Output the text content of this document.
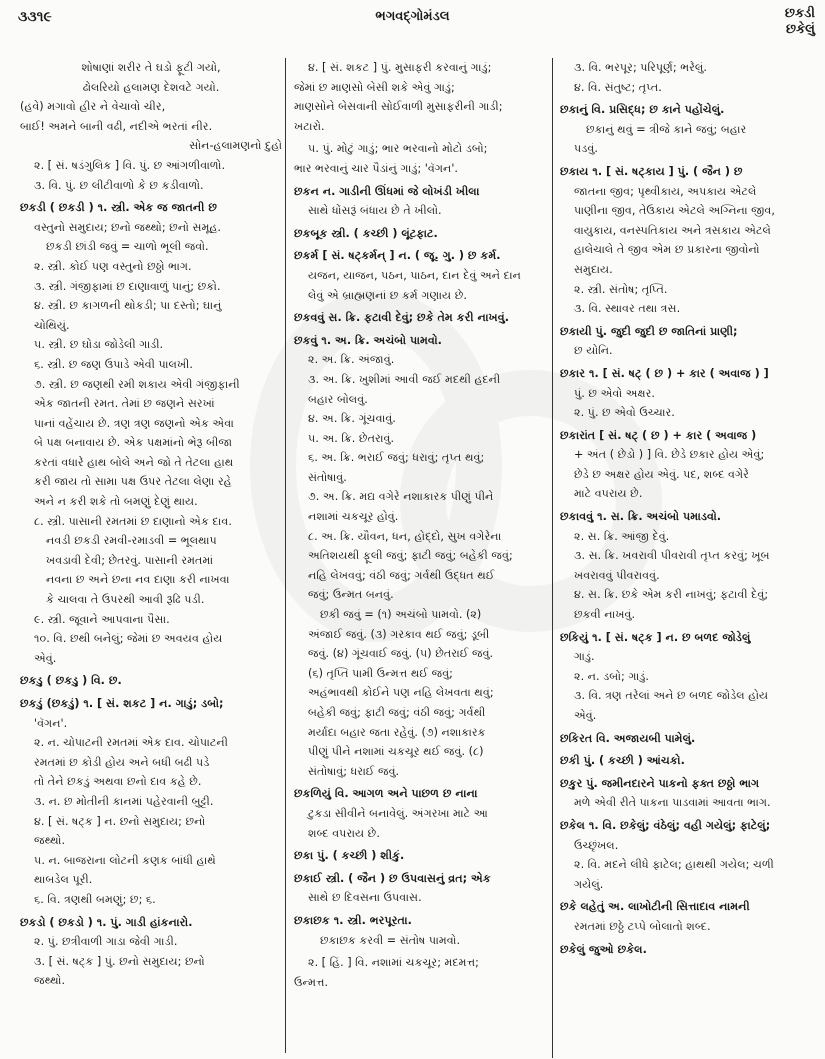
૩૩૧૯	ભગવદ્ગોમંડલ	છકડી
છકેલું
શોષાણાં શરીર તે ઘડો ફૂટી ગયો,
ઢોલરિયો હલામણ દેશવટે ગયો.
(હવે) મગાવો હીર ને વેચાવો ચીર,
બાઈ! અમને બાની વઢી, નદીએ ભરતાં નીર.
સોન-હલામણનો દુહો
૨. [ સં. ષડંગુલિક ] વિ. પું. છ આંગળીવાળો.
૩. વિ. પું. છ લીટીવાળો કે છ કડીવાળો.
છકડી ( છકડી ) ૧. સ્ત્રી. એક જ જાતની છ
વસ્તુનો સમુદાય; છનો જથ્થો; છનો સમૂહ.
છકડી છાંડી જવું = ચાળો ભૂલી જવો.
૨. સ્ત્રી. કોઈ પણ વસ્તુનો છઠ્ઠો ભાગ.
૩. સ્ત્રી. ગંજીફામાં છ દાણાવાળું પાનું; છકો.
૪. સ્ત્રી. છ કાગળની થોકડી; પા દસ્તો; ઘાનું
ચોથિયું.
૫. સ્ત્રી. છ ઘોડા જોડેલી ગાડી.
૬. સ્ત્રી. છ જણ ઉપાડે એવી પાલખી.
૭. સ્ત્રી. છ જણથી રમી શકાય એવી ગંજીફાની
એક જાતની રમત. તેમાં છ જણને સરખાં
પાનાં વહેંચાય છે. ત્રણ ત્રણ જણનો એક એવા
બે પક્ષ બનાવાય છે. એક પક્ષમાંનો ભેરૂ બીજા
કરતાં વધારે હાથ બોલે અને જો તે તેટલા હાથ
કરી જાય તો સામા પક્ષ ઉપર તેટલા લેણા રહે
અને ન કરી શકે તો બમણું દેણું થાય.
૮. સ્ત્રી. પાસાની રમતમાં છ દાણાનો એક દાવ.
નવડી છકડી રમવી-રમાડવી = ભૂલથાપ
ખવડાવી દેવી; છેતરવું. પાસાની રમતમાં
નવના છ અને છના નવ દાણા કરી નાખવા
કે ચાલવા તે ઉપરથી આવી રૂઢિ પડી.
૯. સ્ત્રી. જૂવાને આપવાના પૈસા.
૧૦. વિ. છથી બનેલું; જેમાં છ અવયવ હોય
એવું.
છકડુ ( છકડુ ) વિ. છ.
છકડું (છકડું) ૧. [ સં. શકટ ] ન. ગાડું; ડબો;
'વૅગન'.
૨. ન. ચોપાટની રમતમાં એક દાવ. ચોપાટની
રમતમાં છ કોડી હોય અને બધી બઢી પડે
તો તેને છકડું અથવા છનો દાવ કહે છે.
૩. ન. છ મોતીની કાનમાં પહેરવાની બુટ્ટી.
૪. [ સં. ષટ્ક ] ન. છનો સમુદાય; છનો
જથ્થો.
૫. ન. બાજરાના લોટની કણક બાંધી હાથે
થાબડેલ પૂરી.
૬. વિ. ત્રણથી બમણું; છ; ૬.
છકડો ( છકડો ) ૧. પું. ગાડી હાંકનારો.
૨. પું. છત્રીવાળી ગાડા જેવી ગાડી.
૩. [ સં. ષટ્ક ] પું. છનો સમુદાય; છનો
જથ્થો.
૪. [ સં. શકટ ] પું. મુસાફરી કરવાનું ગાડું;
જેમાં છ માણસો બેસી શકે એવું ગાડું;
માણસોને બેસવાની સોઈવાળી મુસાફરીની ગાડી;
ખટારો.
૫. પું. મોટું ગાડું; ભાર ભરવાનો મોટો ડબો;
ભાર ભરવાનું ચાર પૈડાંનું ગાડું; 'વૅગન'.
છકન ન. ગાડીની ઊંધમાં જે લોખંડી ખીલા
સાથે ધોંસરૂં બંધાય છે તે ખીલો.
છકબૂક સ્ત્રી. ( કચ્છી ) લૂંટફાટ.
છકર્મ [ સં. ષટ્કર્મન્ ] ન. ( જૂ. ગુ. ) છ કર્મ.
યજન, યાજન, પઠન, પાઠન, દાન દેવું અને દાન
લેવું એ બ્રાહ્મણનાં છ કર્મ ગણાય છે.
છકવવું સ. ક્રિ. ફટાવી દેવું; છકે તેમ કરી નાખવું.
છકવું ૧. અ. ક્રિ. અચંબો પામવો.
૨. અ. ક્રિ. અંજાવું.
૩. અ. ક્રિ. ખુશીમાં આવી જઈ મદથી હદની
બહાર બોલવું.
૪. અ. ક્રિ. ગૂંચવાવું.
૫. અ. ક્રિ. છેતરાવું.
૬. અ. ક્રિ. ભરાઈ જવું; ધરાવું; તૃપ્ત થવું;
સંતોષાવું.
૭. અ. ક્રિ. મદ્ય વગેરે નશાકારક પીણું પીને
નશામાં ચકચૂર હોવું.
૮. અ. ક્રિ. યૌવન, ધન, હોદ્દો, સુખ વગેરેના
અતિશયથી ફૂલી જવું; ફાટી જવું; બહેકી જવું;
નહિ લેખવવું; વંઠી જવું; ગર્વથી ઉદ્ધત થઈ
જવું; ઉન્મત બનવું.
છકી જવું = (૧) અચંબો પામવો. (૨)
અંજાઈ જવું. (૩) ગરકાવ થઈ જવું; ડૂબી
જવું. (૪) ગૂંચવાઈ જવું. (૫) છેતરાઈ જવું.
(૬) તૃપ્તિ પામી ઉન્મત્ત થઈ જવું;
અહંભાવથી કોઈને પણ નહિ લેખવતા થવું;
બહેકી જવું; ફાટી જવું; વંઠી જવું; ગર્વથી
મર્યાદા બહાર જતા રહેવું. (૭) નશાકારક
પીણું પીને નશામાં ચકચૂર થઈ જવું. (૮)
સંતોષાવું; ધરાઈ જવું.
છકળિયું વિ. આગળ અને પાછળ છ નાના
ટુકડા સીવીને બનાવેલું. અંગરખા માટે આ
શબ્દ વપરાય છે.
છકા પું. ( કચ્છી ) શીકું.
છકાઈ સ્ત્રી. ( જૈન ) છ ઉપવાસનું વ્રત; એક
સાથે છ દિવસના ઉપવાસ.
છકાછક ૧. સ્ત્રી. ભરપૂરતા.
છકાછક કરવી = સંતોષ પામવો.
૨. [ હિં. ] વિ. નશામાં ચકચૂર; મદમત્ત;
ઉન્મત્ત.
૩. વિ. ભરપૂર; પરિપૂર્ણ; ભરેલું.
૪. વિ. સંતુષ્ટ; તૃપ્ત.
છકાનું વિ. પ્રસિદ્ધ; છ કાને પહોંચેલું.
છકાનું થવું = ત્રીજે કાને જવું; બહાર
પડવું.
છકાય ૧. [ સં. ષટ્કાય ] પું. ( જૈન ) છ
જાતના જીવ; પૃથ્વીકાય, અપકાય એટલે
પાણીના જીવ, તેઉકાય એટલે અગ્નિના જીવ,
વાયુકાય, વનસ્પતિકાય અને ત્રસકાય એટલે
હાલેચાલે તે જીવ એમ છ પ્રકારના જીવોનો
સમુદાય.
૨. સ્ત્રી. સંતોષ; તૃપ્તિ.
૩. વિ. સ્થાવર તથા ત્રસ.
છકાયી પું. જુદી જુદી છ જાતિનાં પ્રાણી;
છ યોનિ.
છકાર ૧. [ સં. ષટ્ ( છ ) + કાર ( અવાજ ) ]
પું. છ એવો અક્ષર.
૨. પું. છ એવો ઉચ્ચાર.
છકારાંત [ સં. ષટ્ ( છ ) + કાર ( અવાજ )
+ અંત ( છેડો ) ] વિ. છેડે છકાર હોય એવું;
છેડે છ અક્ષર હોય એવું. પદ, શબ્દ વગેરે
માટે વપરાય છે.
છકાવવું ૧. સ. ક્રિ. અચંબો પમાડવો.
૨. સ. ક્રિ. આંજી દેવું.
૩. સ. ક્રિ. ખવરાવી પીવરાવી તૃપ્ત કરવું; ખૂબ
ખવરાવવું પીવરાવવું.
૪. સ. ક્રિ. છકે એમ કરી નાખવું; ફટાવી દેવું;
છકવી નાખવું.
છકિયું ૧. [ સં. ષટ્ક ] ન. છ બળદ જોડેલું
ગાડું.
૨. ન. ડબો; ગાડું.
૩. વિ. ત્રણ તરેલાં અને છ બળદ જોડેલ હોય
એવું.
છકિરત વિ. અજાયબી પામેલું.
છકી પું. ( કચ્છી ) આંચકો.
છકુર પું. જમીનદારને પાકનો ફક્ત છઠ્ઠો ભાગ
મળે એવી રીતે પાકના પાડવામાં આવતા ભાગ.
છકેલ ૧. વિ. છકેલું; વંઠેલું; વહી ગયેલું; ફાટેલું;
ઉચ્છૃંખલ.
૨. વિ. મદને લીધે ફાટેલ; હાથથી ગયેલ; ચળી
ગયેલું.
છકે લહેતું અ. લાખોટીની સિત્તાદાવ નામની
રમતમાં છઠ્ઠે ટપ્પે બોલાતો શબ્દ.
છકેલું જુઓ છકેલ.
